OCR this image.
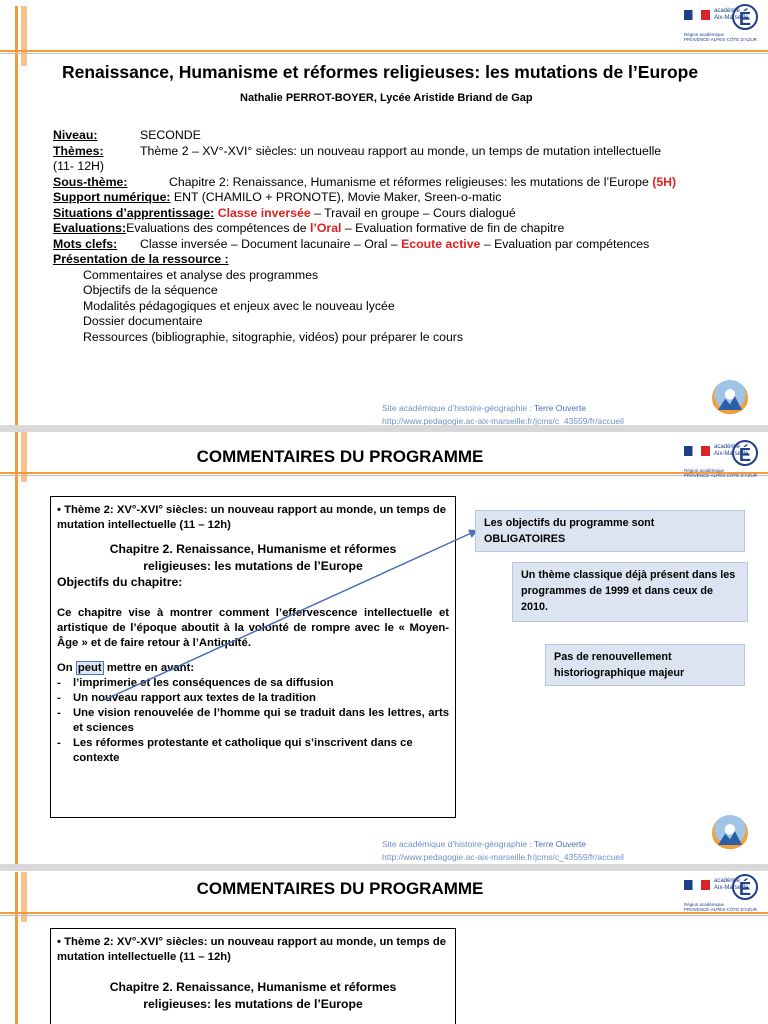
académie
Aix-Marseille
É
Région académique
PROVENCE-ALPES-CÔTE D’AZUR
Renaissance, Humanisme et réformes religieuses: les mutations de l’Europe
Nathalie PERROT-BOYER, Lycée Aristide Briand de Gap
Niveau:	SECONDE
Thèmes:	Thème 2 – XV°-XVI° siècles: un nouveau rapport au monde, un temps de mutation intellectuelle
(11- 12H)
Sous-thème:	Chapitre 2: Renaissance, Humanisme et réformes religieuses: les mutations de l’Europe (5H)
Support numérique: ENT (CHAMILO + PRONOTE), Movie Maker, Sreen-o-matic
Situations d’apprentissage: Classe inversée – Travail en groupe – Cours dialogué
Evaluations:Evaluations des compétences de l’Oral – Evaluation formative de fin de chapitre
Mots clefs: Classe inversée – Document lacunaire – Oral – Ecoute active – Evaluation par compétences
Présentation de la ressource :
Commentaires et analyse des programmes
Objectifs de la séquence
Modalités pédagogiques et enjeux avec le nouveau lycée
Dossier documentaire
Ressources (bibliographie, sitographie, vidéos) pour préparer le cours
Site académique d’histoire-géographie : Terre Ouverte
http://www.pedagogie.ac-aix-marseille.fr/jcms/c_43559/fr/accueil
COMMENTAIRES DU PROGRAMME	académie
Aix-Marseille
É
Région académique
PROVENCE-ALPES-CÔTE D’AZUR
• Thème 2: XV°-XVI° siècles: un nouveau rapport au monde, un temps de mutation intellectuelle (11 – 12h)
Chapitre 2. Renaissance, Humanisme et réformes
religieuses: les mutations de l’Europe

Objectifs du chapitre:

Ce chapitre vise à montrer comment l’effervescence intellectuelle et artistique de l’époque aboutit à la volonté de rompre avec le « Moyen-Âge » et de faire retour à l’Antiquité.

On peut mettre en avant:

- l’imprimerie et les conséquences de sa diffusion
- Un nouveau rapport aux textes de la tradition
- Une vision renouvelée de l’homme qui se traduit dans les lettres, arts et sciences
- Les réformes protestante et catholique qui s’inscrivent dans ce contexte
Les objectifs du programme sont OBLIGATOIRES
Un thème classique déjà présent dans les programmes de 1999 et dans ceux de 2010.
Pas de renouvellement historiographique majeur
Site académique d’histoire-géographie : Terre Ouverte
http://www.pedagogie.ac-aix-marseille.fr/jcms/c_43559/fr/accueil
COMMENTAIRES DU PROGRAMME	académie
Aix-Marseille
É
Région académique
PROVENCE-ALPES-CÔTE D’AZUR
• Thème 2: XV°-XVI° siècles: un nouveau rapport au monde, un temps de mutation intellectuelle (11 – 12h)
Chapitre 2. Renaissance, Humanisme et réformes
religieuses: les mutations de l’Europe
